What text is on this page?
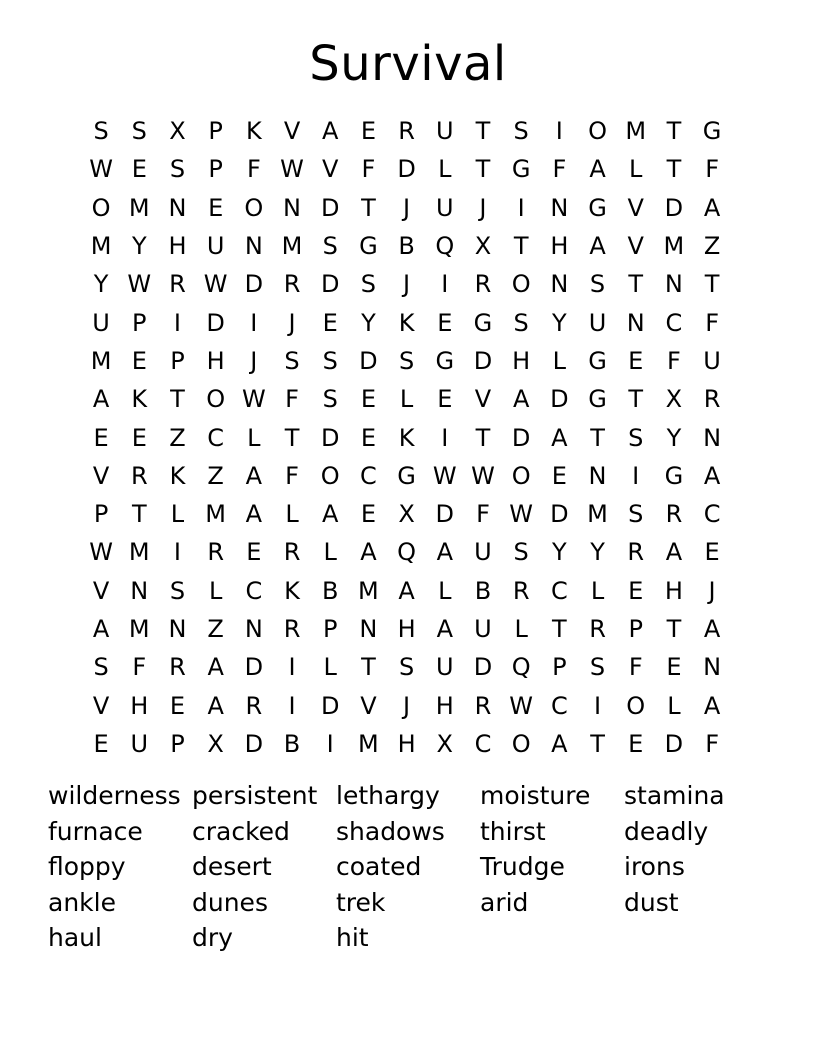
Survival
S S X P K V A E R U T S	I	O M T G
W E S P	F W V F D L	T G F A L	T F
O M N E O N D T	J	U	J	I	N G V D A
M Y H U N M S G B Q X T H A V M Z
Y W R W D R D S	J	I	R O N S T N T
U P	I	D	I	J	E Y K E G S Y U N C F
M E P H	J	S S D S G D H L G E F U
A K T O W F S E L E V A D G T X R
E E Z C L	T D E K	I	T D A T S Y N
V R K Z A F O C G W W O E N	I	G A
P T	L M A L A E X D F W D M S R C
W M	I	R E R L A Q A U S Y Y R A E
V N S L C K B M A L B R C L E H	J
A M N Z N R P N H A U L	T R P T A
S F R A D	I	L	T S U D Q P S F E N
V H E A R	I	D V	J	H R W C	I	O L A
E U P X D B	I	M H X C O A T E D F
wilderness persistent lethargy	moisture	stamina
furnace	cracked	shadows	thirst	deadly
floppy	desert	coated	Trudge	irons
ankle	dunes	trek	arid	dust
haul	dry	hit
